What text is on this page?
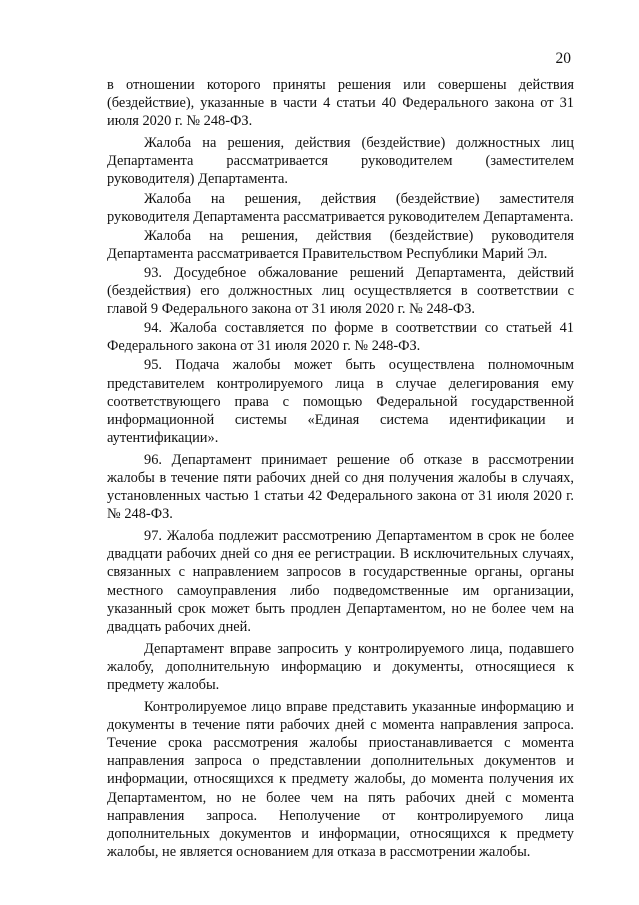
20

в отношении которого приняты решения или совершены действия (бездействие), указанные в части 4 статьи 40 Федерального закона от 31 июля 2020 г. № 248-ФЗ.

Жалоба на решения, действия (бездействие) должностных лиц Департамента рассматривается руководителем (заместителем руководителя) Департамента.

Жалоба на решения, действия (бездействие) заместителя руководителя Департамента рассматривается руководителем Департамента.

Жалоба на решения, действия (бездействие) руководителя Департамента рассматривается Правительством Республики Марий Эл.

93. Досудебное обжалование решений Департамента, действий (бездействия) его должностных лиц осуществляется в соответствии с главой 9 Федерального закона от 31 июля 2020 г. № 248-ФЗ.

94. Жалоба составляется по форме в соответствии со статьей 41 Федерального закона от 31 июля 2020 г. № 248-ФЗ.

95. Подача жалобы может быть осуществлена полномочным представителем контролируемого лица в случае делегирования ему соответствующего права с помощью Федеральной государственной информационной системы «Единая система идентификации и аутентификации».

96. Департамент принимает решение об отказе в рассмотрении жалобы в течение пяти рабочих дней со дня получения жалобы в случаях, установленных частью 1 статьи 42 Федерального закона от 31 июля 2020 г. № 248-ФЗ.

97. Жалоба подлежит рассмотрению Департаментом в срок не более двадцати рабочих дней со дня ее регистрации. В исключительных случаях, связанных с направлением запросов в государственные органы, органы местного самоуправления либо подведомственные им организации, указанный срок может быть продлен Департаментом, но не более чем на двадцать рабочих дней.

Департамент вправе запросить у контролируемого лица, подавшего жалобу, дополнительную информацию и документы, относящиеся к предмету жалобы.

Контролируемое лицо вправе представить указанные информацию и документы в течение пяти рабочих дней с момента направления запроса. Течение срока рассмотрения жалобы приостанавливается с момента направления запроса о представлении дополнительных документов и информации, относящихся к предмету жалобы, до момента получения их Департаментом, но не более чем на пять рабочих дней с момента направления запроса. Неполучение от контролируемого лица дополнительных документов и информации, относящихся к предмету жалобы, не является основанием для отказа в рассмотрении жалобы.
